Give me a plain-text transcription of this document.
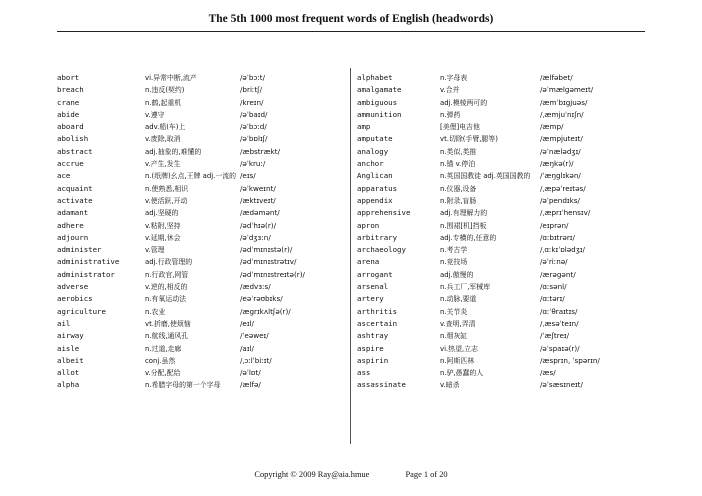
The 5th 1000 most frequent words of English (headwords)
abort	vi.异常中断,流产	/əˈbɔːt/
breach	n.违反(契约)	/briːtʃ/
crane	n.鹤,起重机	/kreɪn/
abide	v.遵守	/əˈbaɪd/
aboard	adv.船(车)上	/əˈbɔːd/
abolish	v.废除,取消	/əˈbɒlɪʃ/
abstract	adj.抽象的,难懂的	/æbstrækt/
accrue	v.产生,发生	/əˈkruː/
ace	n.(纸牌)幺点,王牌 adj.一流的 /eɪs/
acquaint	n.使熟悉,相识	/əˈkweɪnt/
activate	v.使活跃,开动	/æktɪveɪt/
adamant	adj.坚硬的	/ædəmənt/
adhere	v.粘附,坚持	/ədˈhɪə(r)/
adjourn	v.延期,休会	/əˈdʒɜːn/
administer	v.管理	/ədˈmɪnɪstə(r)/
administrative	adj.行政管理的	/ədˈmɪnɪstrətɪv/
administrator	n.行政官,网管	/ədˈmɪnɪstreɪtə(r)/
adverse	v.逆的,相反的	/ædvɜːs/
aerobics	n.有氧运动法	/eəˈrəʊbɪks/
agriculture	n.农业	/ægrɪkʌltʃə(r)/
ail	vt.折磨,使烦恼	/eɪl/
airway	n.航线,通风孔	/ˈeəweɪ/
aisle	n.过道,走廊	/aɪl/
albeit	conj.虽然	/ˌɔːlˈbiːɪt/
allot	v.分配,配给	/əˈlɒt/
alpha	n.希腊字母的第一个字母	/ælfə/
alphabet	n.字母表	/ælfəbet/
amalgamate	v.合并	/əˈmælgəmeɪt/
ambiguous	adj.模棱两可的	/æmˈbɪgjuəs/
ammunition	n.弹药	/ˌæmjuˈnɪʃn/
amp	[美俚]电吉他	/æmp/
amputate	vt.切除(手臂,腿等)	/æmpjuteɪt/
analogy	n.类似,类推	/əˈnælədʒɪ/
anchor	n.锚 v.停泊	/æŋkə(r)/
Anglican	n.英国国教徒 adj.英国国教的 /ˈæŋglɪkən/
apparatus	n.仪器,设备	/ˌæpəˈreɪtəs/
appendix	n.附录,盲肠	/əˈpendɪks/
apprehensive	adj.有理解力的	/ˌæprɪˈhensɪv/
apron	n.围裙[机]挡板	/eɪprən/
arbitrary	adj.专横的,任意的	/ɑːbɪtrərɪ/
archaeology	n.考古学	/ˌɑːkɪˈɒlədʒɪ/
arena	n.竞技场	/əˈriːnə/
arrogant	adj.傲慢的	/ærəgənt/
arsenal	n.兵工厂,军械库	/ɑːsənl/
artery	n.动脉,要道	/ɑːtərɪ/
arthritis	n.关节炎	/ɑːˈθraɪtɪs/
ascertain	v.查明,弄清	/ˌæsəˈteɪn/
ashtray	n.烟灰缸	/ˈæʃtreɪ/
aspire	vi.热望,立志	/əˈspaɪə(r)/
aspirin	n.阿斯匹林	/æsprɪn, ˈspərɪn/
ass	n.驴,愚蠢的人	/æs/
assassinate	v.暗杀	/əˈsæsɪneɪt/
Copyright © 2009 Ray@aia.hmue	Page 1 of 20
